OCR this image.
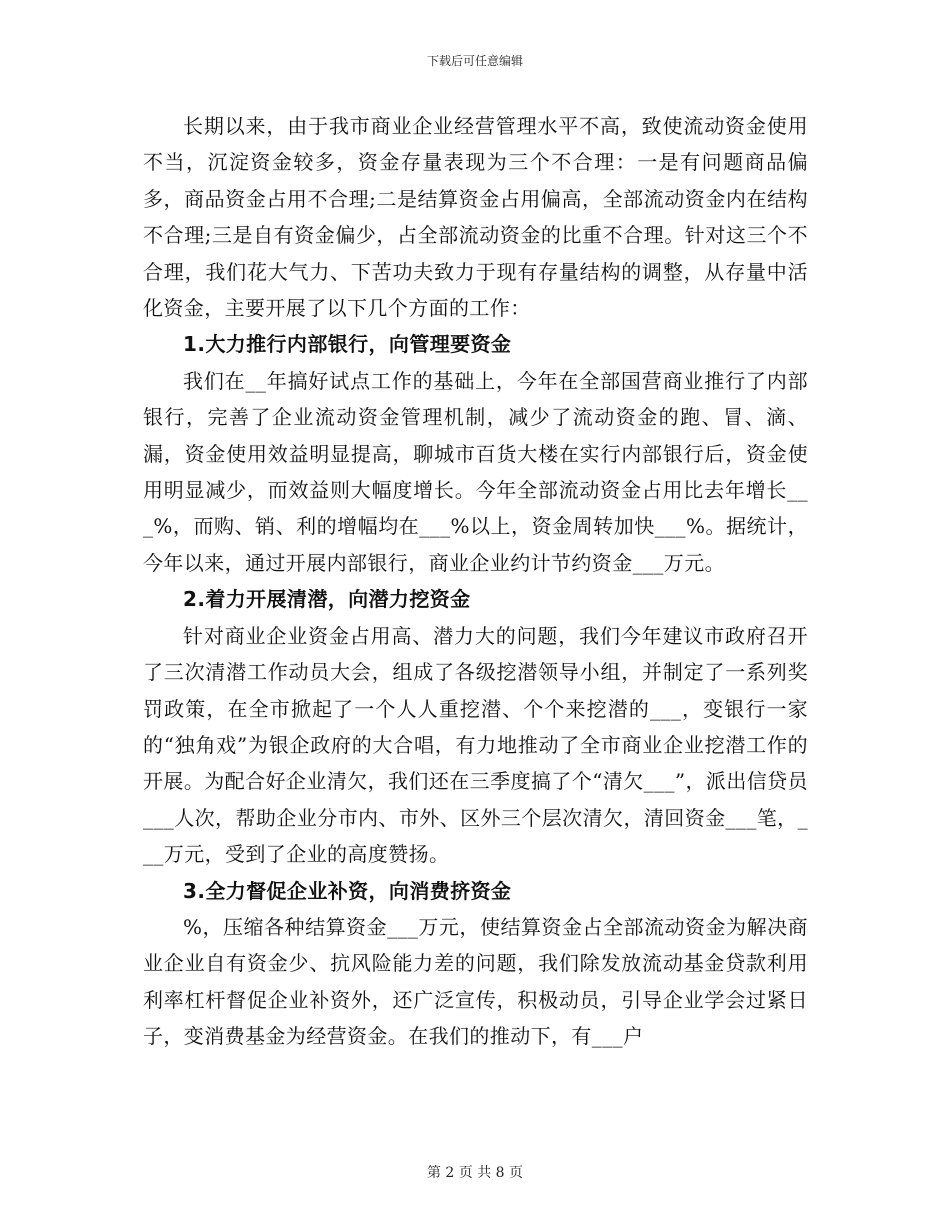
下载后可任意编辑

长期以来，由于我市商业企业经营管理水平不高，致使流动资金使用不当，沉淀资金较多，资金存量表现为三个不合理：一是有问题商品偏多，商品资金占用不合理;二是结算资金占用偏高，全部流动资金内在结构不合理;三是自有资金偏少，占全部流动资金的比重不合理。针对这三个不合理，我们花大气力、下苦功夫致力于现有存量结构的调整，从存量中活化资金，主要开展了以下几个方面的工作：

1.大力推行内部银行，向管理要资金

我们在__年搞好试点工作的基础上，今年在全部国营商业推行了内部银行，完善了企业流动资金管理机制，减少了流动资金的跑、冒、滴、漏，资金使用效益明显提高，聊城市百货大楼在实行内部银行后，资金使用明显减少，而效益则大幅度增长。今年全部流动资金占用比去年增长___%，而购、销、利的增幅均在___%以上，资金周转加快___%。据统计，今年以来，通过开展内部银行，商业企业约计节约资金___万元。

2.着力开展清潜，向潜力挖资金

针对商业企业资金占用高、潜力大的问题，我们今年建议市政府召开了三次清潜工作动员大会，组成了各级挖潜领导小组，并制定了一系列奖罚政策，在全市掀起了一个人人重挖潜、个个来挖潜的___，变银行一家的“独角戏”为银企政府的大合唱，有力地推动了全市商业企业挖潜工作的开展。为配合好企业清欠，我们还在三季度搞了个“清欠___”，派出信贷员___人次，帮助企业分市内、市外、区外三个层次清欠，清回资金___笔，___万元，受到了企业的高度赞扬。

3.全力督促企业补资，向消费挤资金

%，压缩各种结算资金___万元，使结算资金占全部流动资金为解决商业企业自有资金少、抗风险能力差的问题，我们除发放流动基金贷款利用利率杠杆督促企业补资外，还广泛宣传，积极动员，引导企业学会过紧日子，变消费基金为经营资金。在我们的推动下，有___户

第 2 页 共 8 页
